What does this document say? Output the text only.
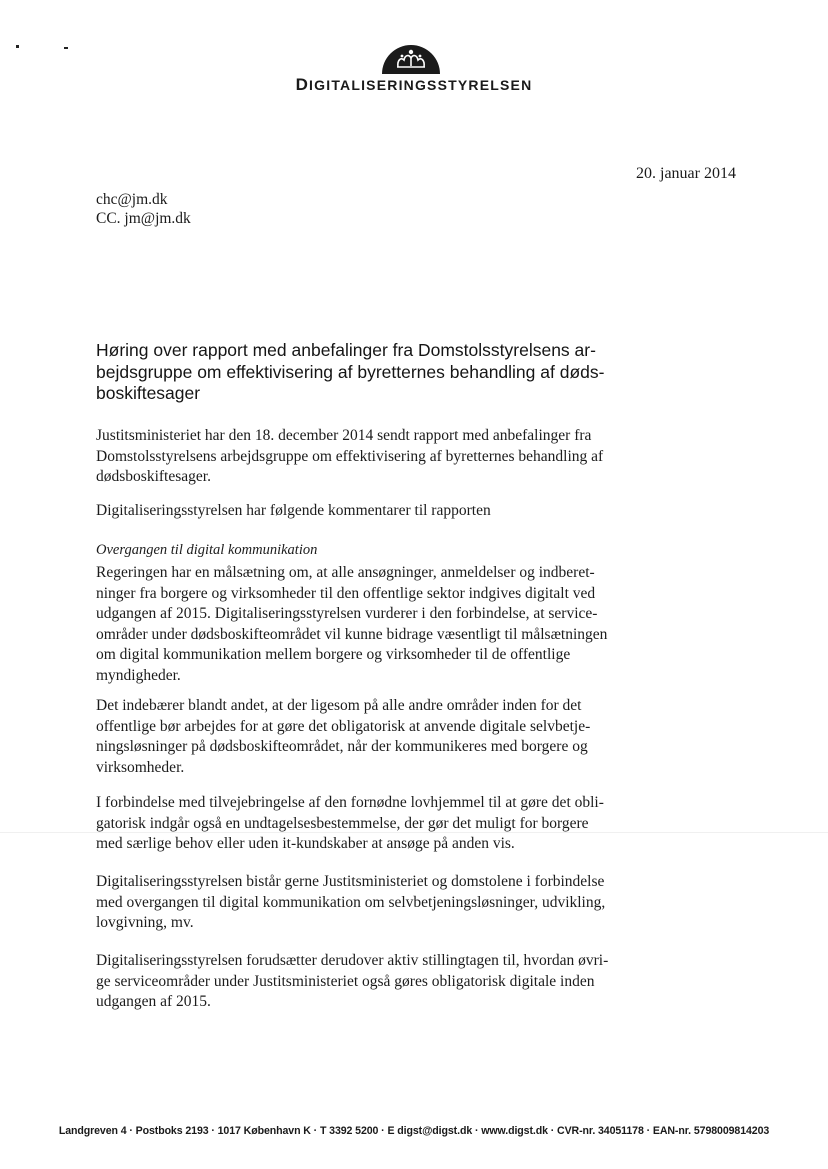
DIGITALISERINGSSTYRELSEN
20. januar 2014
chc@jm.dk
CC. jm@jm.dk
Høring over rapport med anbefalinger fra Domstolsstyrelsens ar-
bejdsgruppe om effektivisering af byretternes behandling af døds-
boskiftesager
Justitsministeriet har den 18. december 2014 sendt rapport med anbefalinger fra
Domstolsstyrelsens arbejdsgruppe om effektivisering af byretternes behandling af
dødsboskiftesager.
Digitaliseringsstyrelsen har følgende kommentarer til rapporten
Overgangen til digital kommunikation
Regeringen har en målsætning om, at alle ansøgninger, anmeldelser og indberet-
ninger fra borgere og virksomheder til den offentlige sektor indgives digitalt ved
udgangen af 2015. Digitaliseringsstyrelsen vurderer i den forbindelse, at service-
områder under dødsboskifteområdet vil kunne bidrage væsentligt til målsætningen
om digital kommunikation mellem borgere og virksomheder til de offentlige
myndigheder.
Det indebærer blandt andet, at der ligesom på alle andre områder inden for det
offentlige bør arbejdes for at gøre det obligatorisk at anvende digitale selvbetje-
ningsløsninger på dødsboskifteområdet, når der kommunikeres med borgere og
virksomheder.
I forbindelse med tilvejebringelse af den fornødne lovhjemmel til at gøre det obli-
gatorisk indgår også en undtagelsesbestemmelse, der gør det muligt for borgere
med særlige behov eller uden it-kundskaber at ansøge på anden vis.
Digitaliseringsstyrelsen bistår gerne Justitsministeriet og domstolene i forbindelse
med overgangen til digital kommunikation om selvbetjeningsløsninger, udvikling,
lovgivning, mv.
Digitaliseringsstyrelsen forudsætter derudover aktiv stillingtagen til, hvordan øvri-
ge serviceområder under Justitsministeriet også gøres obligatorisk digitale inden
udgangen af 2015.
Landgreven 4 · Postboks 2193 · 1017 København K · T 3392 5200 · E digst@digst.dk · www.digst.dk · CVR-nr. 34051178 · EAN-nr. 5798009814203
